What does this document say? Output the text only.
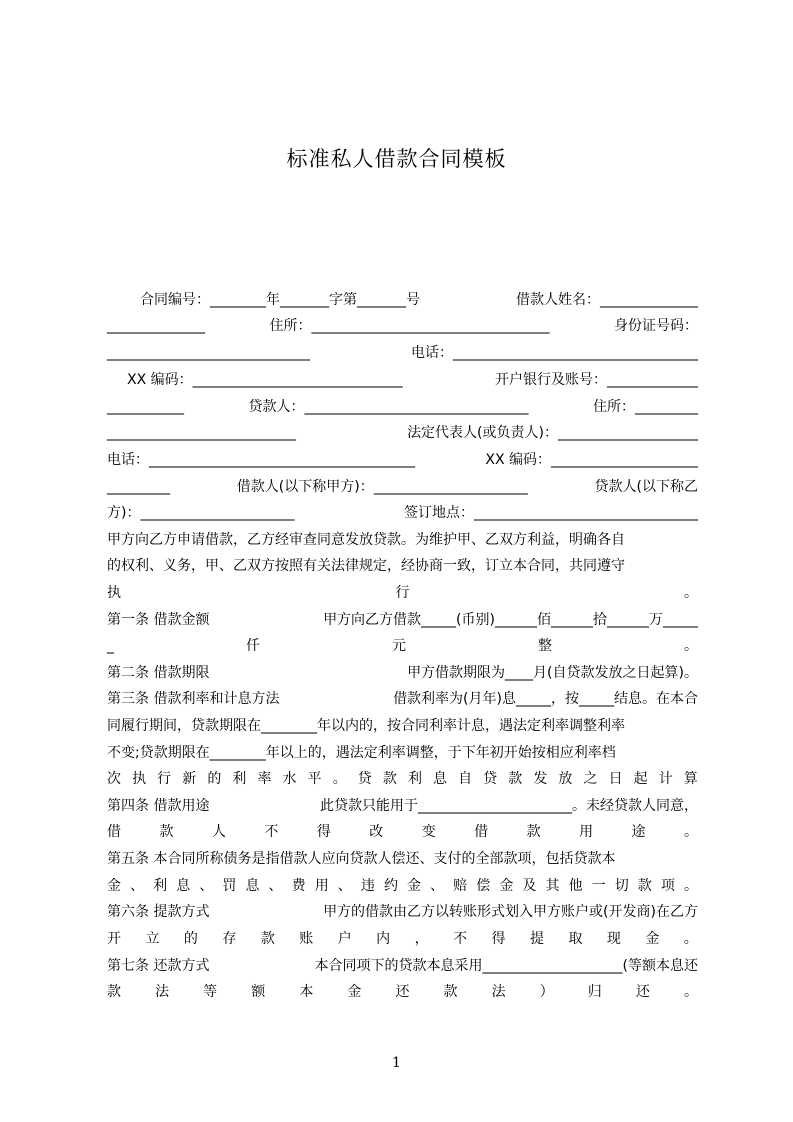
标准私人借款合同模板
合同编号：________年_______字第_______号	借款人姓名：______________
______________	住所：__________________________________	身份证号码：
_____________________________	电话：___________________________________
XX 编码：______________________________	开户银行及账号：_____________
___________	贷款人：________________________________	住所：_________
___________________________	法定代表人(或负责人)：____________________
电话：______________________________________	XX 编码：_____________________
_________	借款人(以下称甲方)：______________________	贷款人(以下称乙
方)：______________________	签订地点：________________________________
甲方向乙方申请借款，乙方经审查同意发放贷款。为维护甲、乙双方利益，明确各自
的权利、义务，甲、乙双方按照有关法律规定，经协商一致，订立本合同，共同遵守
执	行	。
第一条 借款金额	甲方向乙方借款_____(币别)______佰______拾______万_____
_	仟	元	整	。
第二条 借款期限	甲方借款期限为____月(自贷款发放之日起算)。
第三条 借款利率和计息方法	借款利率为(月年)息_____，按_____结息。在本合
同履行期间，贷款期限在________年以内的，按合同利率计息，遇法定利率调整利率
不变;贷款期限在________年以上的，遇法定利率调整，于下年初开始按相应利率档
次 执 行 新 的 利 率 水 平 。 贷 款 利 息 自 贷 款 发 放 之 日 起 计 算
第四条 借款用途	此贷款只能用于______________________。未经贷款人同意，
借	款	人	不	得	改	变	借	款	用	途	。
第五条 本合同所称债务是指借款人应向贷款人偿还、支付的全部款项，包括贷款本
金 、 利 息 、 罚 息 、 费 用 、 违 约 金 、 赔 偿 金 及 其 他 一 切 款 项 。
第六条 提款方式	甲方的借款由乙方以转账形式划入甲方账户或(开发商)在乙方
开 立 的 存 款 账 户 内 ， 不 得 提 取 现 金 。
第七条 还款方式	本合同项下的贷款本息采用____________________(等额本息还
款 法 等 额 本 金 还 款 法 ） 归 还 。
1
